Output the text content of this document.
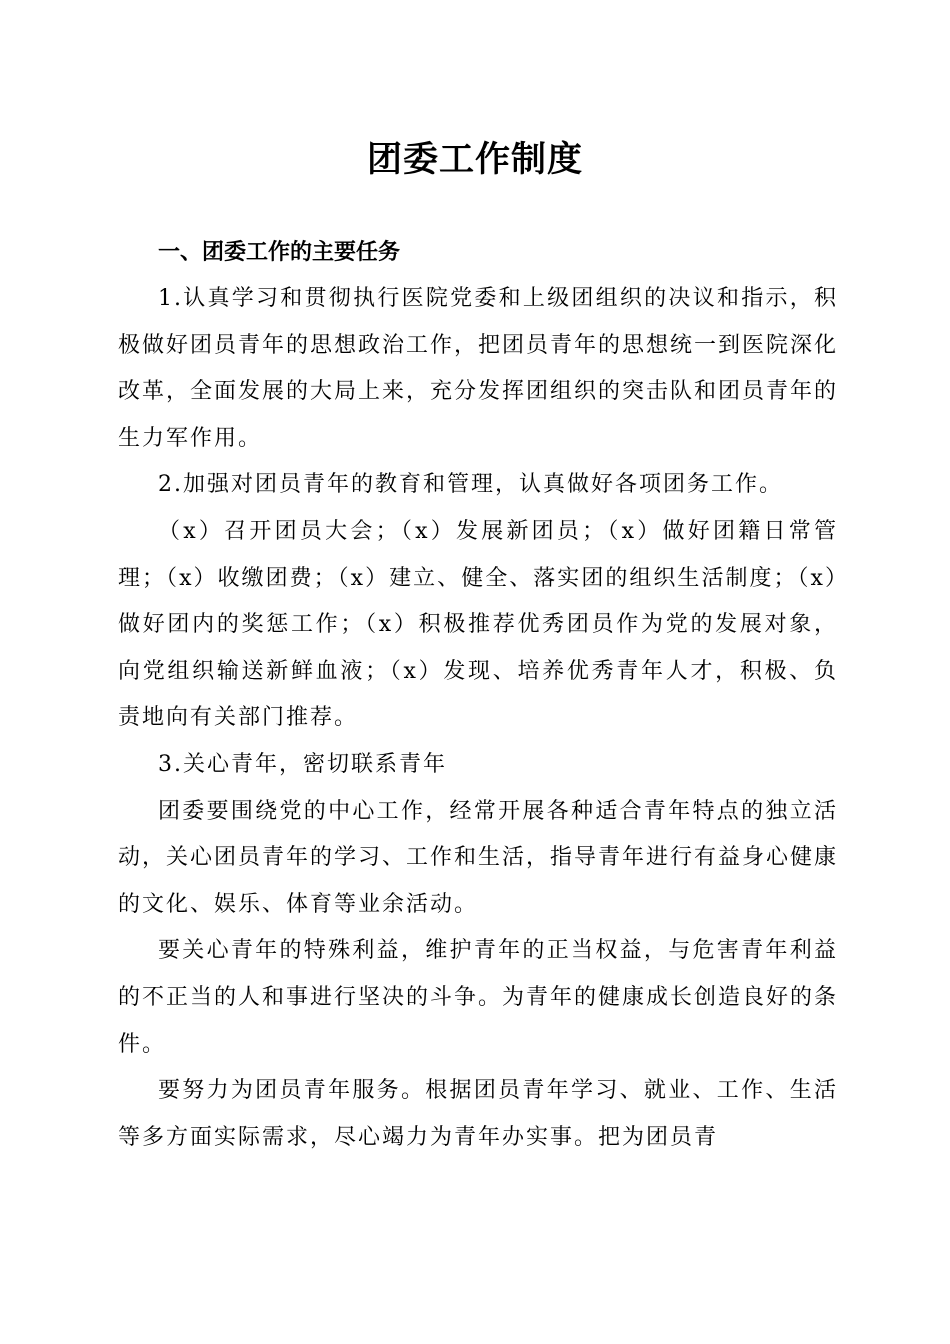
团委工作制度

一、团委工作的主要任务

1.认真学习和贯彻执行医院党委和上级团组织的决议和指示，积极做好团员青年的思想政治工作，把团员青年的思想统一到医院深化改革，全面发展的大局上来，充分发挥团组织的突击队和团员青年的生力军作用。

2.加强对团员青年的教育和管理，认真做好各项团务工作。

（x）召开团员大会；（x）发展新团员；（x）做好团籍日常管理；（x）收缴团费；（x）建立、健全、落实团的组织生活制度；（x）做好团内的奖惩工作；（x）积极推荐优秀团员作为党的发展对象，向党组织输送新鲜血液；（x）发现、培养优秀青年人才，积极、负责地向有关部门推荐。

3.关心青年，密切联系青年

团委要围绕党的中心工作，经常开展各种适合青年特点的独立活动，关心团员青年的学习、工作和生活，指导青年进行有益身心健康的文化、娱乐、体育等业余活动。

要关心青年的特殊利益，维护青年的正当权益，与危害青年利益的不正当的人和事进行坚决的斗争。为青年的健康成长创造良好的条件。

要努力为团员青年服务。根据团员青年学习、就业、工作、生活等多方面实际需求，尽心竭力为青年办实事。把为团员青
